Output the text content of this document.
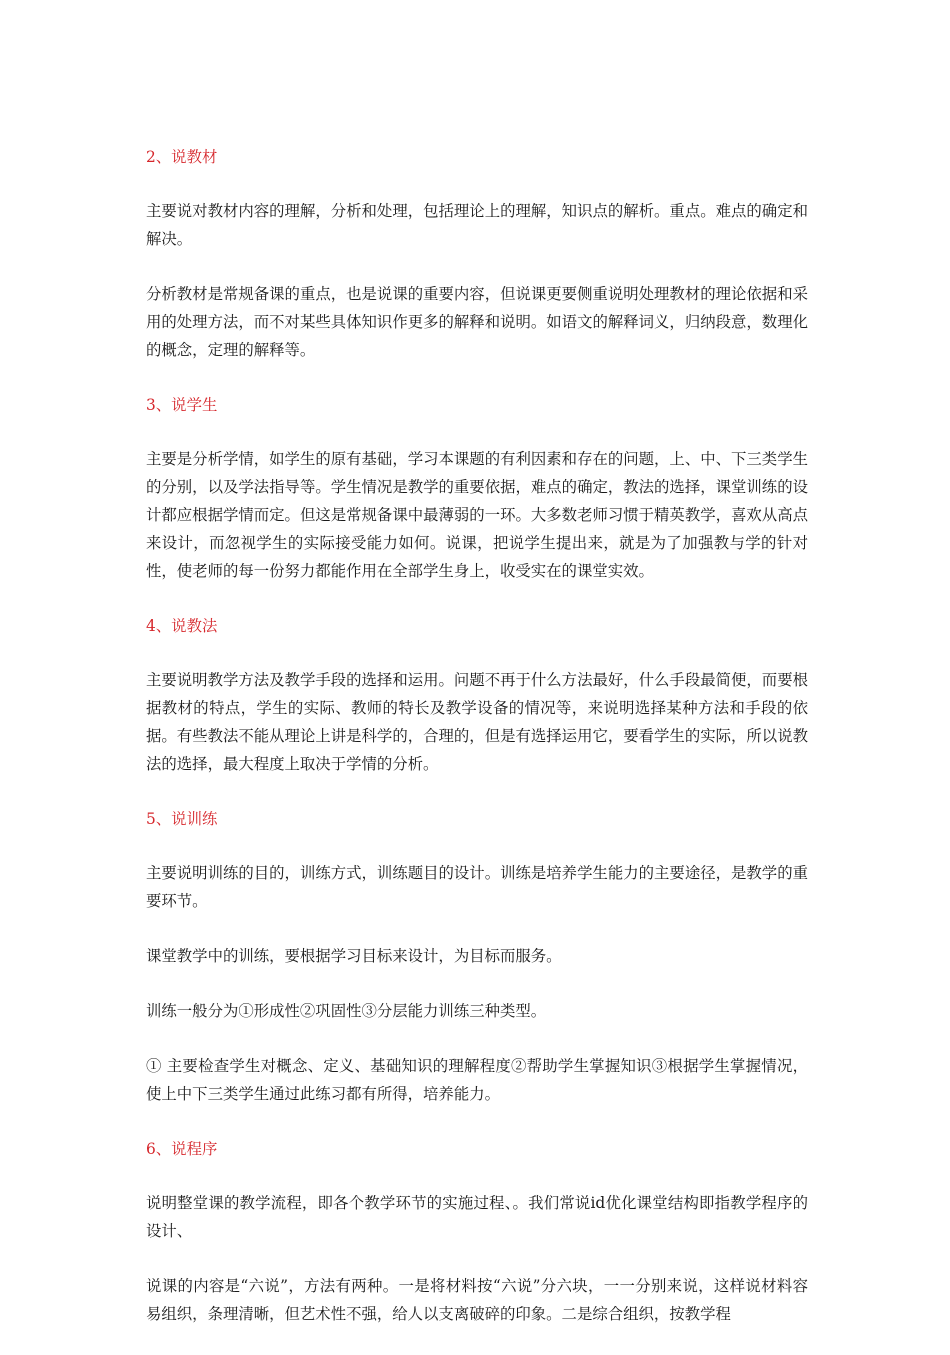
2、说教材

主要说对教材内容的理解，分析和处理，包括理论上的理解，知识点的解析。重点。难点的确定和解决。

分析教材是常规备课的重点，也是说课的重要内容，但说课更要侧重说明处理教材的理论依据和采用的处理方法，而不对某些具体知识作更多的解释和说明。如语文的解释词义，归纳段意，数理化的概念，定理的解释等。

3、说学生

主要是分析学情，如学生的原有基础，学习本课题的有利因素和存在的问题，上、中、下三类学生的分别，以及学法指导等。学生情况是教学的重要依据，难点的确定，教法的选择，课堂训练的设计都应根据学情而定。但这是常规备课中最薄弱的一环。大多数老师习惯于精英教学，喜欢从高点来设计，而忽视学生的实际接受能力如何。说课，把说学生提出来，就是为了加强教与学的针对性，使老师的每一份努力都能作用在全部学生身上，收受实在的课堂实效。

4、说教法

主要说明教学方法及教学手段的选择和运用。问题不再于什么方法最好，什么手段最简便，而要根据教材的特点，学生的实际、教师的特长及教学设备的情况等，来说明选择某种方法和手段的依据。有些教法不能从理论上讲是科学的，合理的，但是有选择运用它，要看学生的实际，所以说教法的选择，最大程度上取决于学情的分析。

5、说训练

主要说明训练的目的，训练方式，训练题目的设计。训练是培养学生能力的主要途径，是教学的重要环节。

课堂教学中的训练，要根据学习目标来设计，为目标而服务。

训练一般分为①形成性②巩固性③分层能力训练三种类型。

① 主要检查学生对概念、定义、基础知识的理解程度②帮助学生掌握知识③根据学生掌握情况，使上中下三类学生通过此练习都有所得，培养能力。

6、说程序

说明整堂课的教学流程，即各个教学环节的实施过程、。我们常说id优化课堂结构即指教学程序的设计、

说课的内容是“六说”，方法有两种。一是将材料按“六说”分六块，一一分别来说，这样说材料容易组织，条理清晰，但艺术性不强，给人以支离破碎的印象。二是综合组织，按教学程
